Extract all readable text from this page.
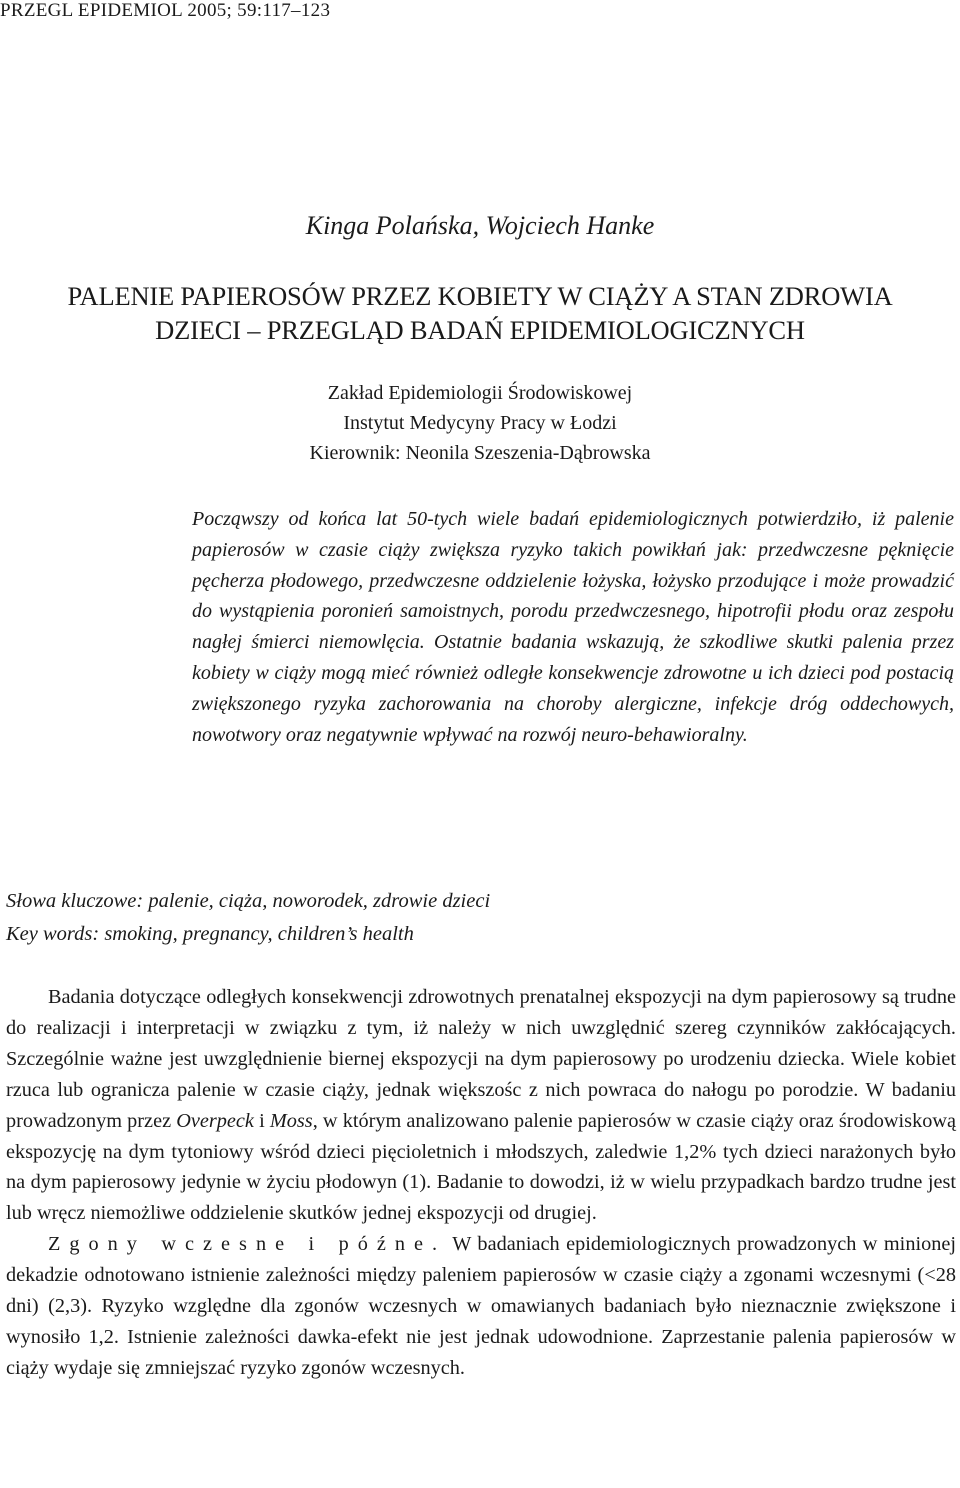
PRZEGL EPIDEMIOL 2005; 59:117–123
Kinga Polańska, Wojciech Hanke
PALENIE PAPIEROSÓW PRZEZ KOBIETY W CIĄŻY A STAN ZDROWIA
DZIECI – PRZEGLĄD BADAŃ EPIDEMIOLOGICZNYCH
Zakład Epidemiologii Środowiskowej
Instytut Medycyny Pracy w Łodzi
Kierownik: Neonila Szeszenia-Dąbrowska

Począwszy od końca lat 50-tych wiele badań epidemiologicznych potwierdziło, iż palenie papierosów w czasie ciąży zwiększa ryzyko takich powikłań jak: przedwczesne pęknięcie pęcherza płodowego, przedwczesne oddzielenie łożyska, łożysko przodujące i może prowadzić do wystąpienia poronień samoistnych, porodu przedwczesnego, hipotrofii płodu oraz zespołu nagłej śmierci niemowlęcia. Ostatnie badania wskazują, że szkodliwe skutki palenia przez kobiety w ciąży mogą mieć również odległe konsekwencje zdrowotne u ich dzieci pod postacią zwiększonego ryzyka zachorowania na choroby alergiczne, infekcje dróg oddechowych, nowotwory oraz negatywnie wpływać na rozwój neuro-behawioralny.

Słowa kluczowe: palenie, ciąża, noworodek, zdrowie dzieci
Key words: smoking, pregnancy, children’s health

Badania dotyczące odległych konsekwencji zdrowotnych prenatalnej ekspozycji na dym papierosowy są trudne do realizacji i interpretacji w związku z tym, iż należy w nich uwzględnić szereg czynników zakłócających. Szczególnie ważne jest uwzględnienie biernej ekspozycji na dym papierosowy po urodzeniu dziecka. Wiele kobiet rzuca lub ogranicza palenie w czasie ciąży, jednak większośc z nich powraca do nałogu po porodzie. W badaniu prowadzonym przez Overpeck i Moss, w którym analizowano palenie papierosów w czasie ciąży oraz środowiskową ekspozycję na dym tytoniowy wśród dzieci pięcioletnich i młodszych, zaledwie 1,2% tych dzieci narażonych było na dym papierosowy jedynie w życiu płodowyn (1). Badanie to dowodzi, iż w wielu przypadkach bardzo trudne jest lub wręcz niemożliwe oddzielenie skutków jednej ekspozycji od drugiej.

Zgony wczesne i późne. W badaniach epidemiologicznych prowadzonych w minionej dekadzie odnotowano istnienie zależności między paleniem papierosów w czasie ciąży a zgonami wczesnymi (<28 dni) (2,3). Ryzyko względne dla zgonów wczesnych w omawianych badaniach było nieznacznie zwiększone i wynosiło 1,2. Istnienie zależności dawka-efekt nie jest jednak udowodnione. Zaprzestanie palenia papierosów w ciąży wydaje się zmniejszać ryzyko zgonów wczesnych.
